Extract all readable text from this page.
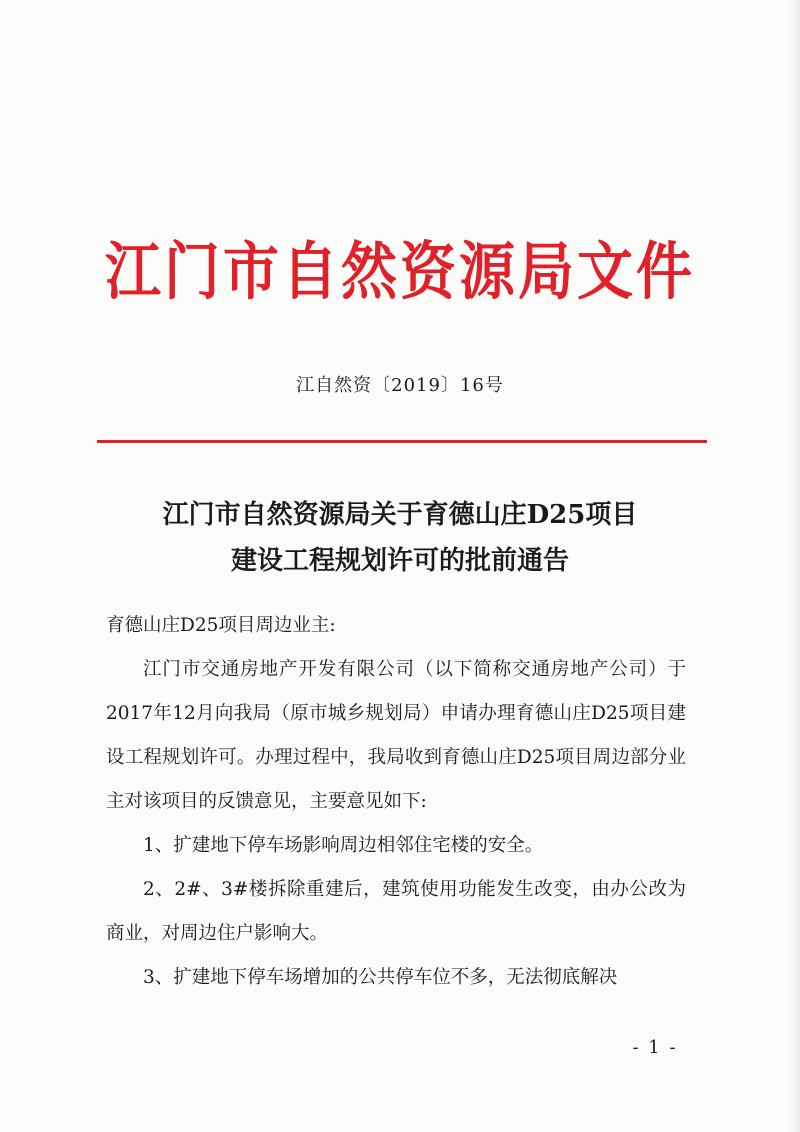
江门市自然资源局文件
江自然资〔2019〕16号
江门市自然资源局关于育德山庄D25项目
建设工程规划许可的批前通告

育德山庄D25项目周边业主:

江门市交通房地产开发有限公司（以下简称交通房地产公司）于2017年12月向我局（原市城乡规划局）申请办理育德山庄D25项目建设工程规划许可。办理过程中，我局收到育德山庄D25项目周边部分业主对该项目的反馈意见，主要意见如下:

1、扩建地下停车场影响周边相邻住宅楼的安全。

2、2#、3#楼拆除重建后，建筑使用功能发生改变，由办公改为商业，对周边住户影响大。

3、扩建地下停车场增加的公共停车位不多，无法彻底解决

- 1 -
